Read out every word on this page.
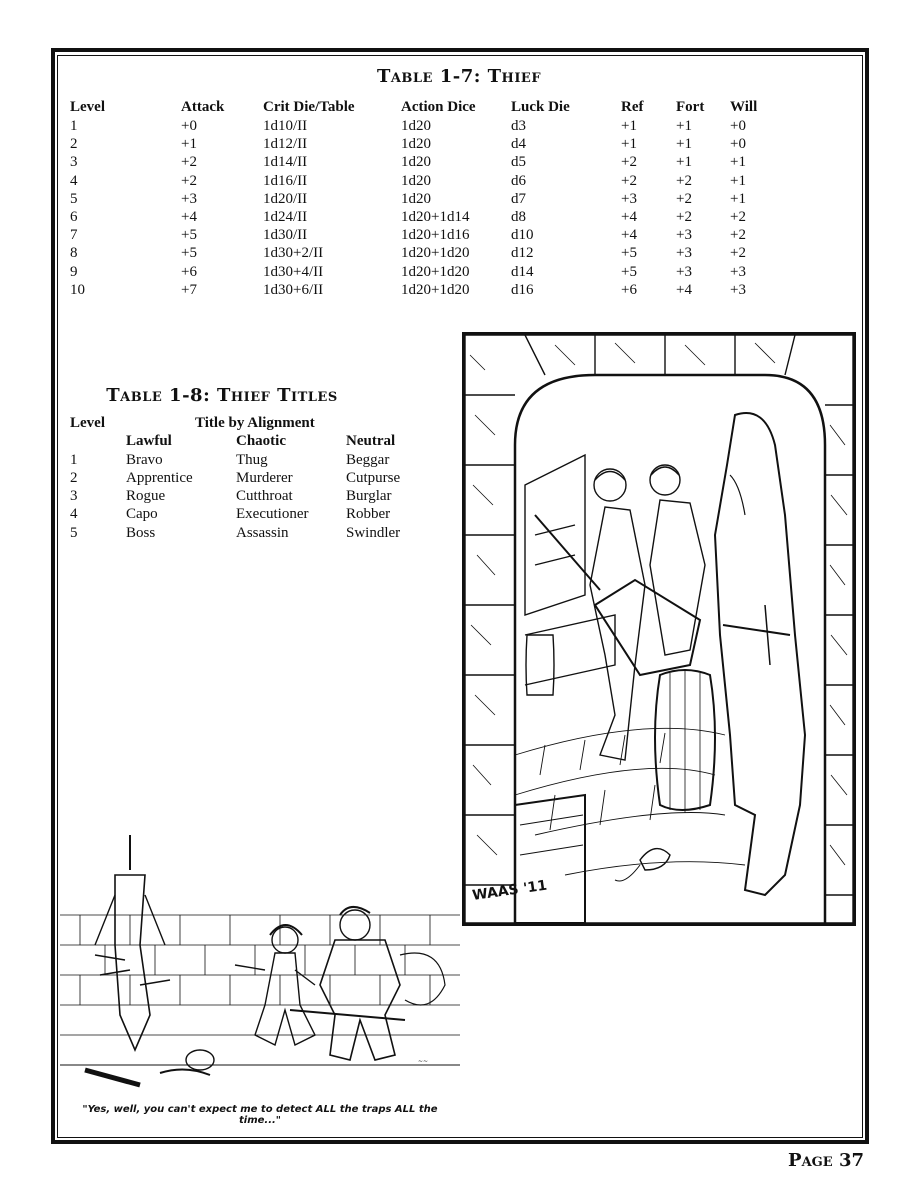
Table 1-7: Thief
Level	Attack	Crit Die/Table	Action Dice	Luck Die	Ref	Fort	Will
1	+0	1d10/II	1d20	d3	+1	+1	+0
2	+1	1d12/II	1d20	d4	+1	+1	+0
3	+2	1d14/II	1d20	d5	+2	+1	+1
4	+2	1d16/II	1d20	d6	+2	+2	+1
5	+3	1d20/II	1d20	d7	+3	+2	+1
6	+4	1d24/II	1d20+1d14	d8	+4	+2	+2
7	+5	1d30/II	1d20+1d16	d10	+4	+3	+2
8	+5	1d30+2/II	1d20+1d20	d12	+5	+3	+2
9	+6	1d30+4/II	1d20+1d20	d14	+5	+3	+3
10	+7	1d30+6/II	1d20+1d20	d16	+6	+4	+3
Table 1-8: Thief Titles
Level	Title by Alignment
Lawful	Chaotic	Neutral
1	Bravo	Thug	Beggar
2	Apprentice	Murderer	Cutpurse
3	Rogue	Cutthroat	Burglar
4	Capo	Executioner	Robber
5	Boss	Assassin	Swindler
WAAS '11
~~
"Yes, well, you can't expect me to detect ALL the traps ALL the time..."
Page 37
